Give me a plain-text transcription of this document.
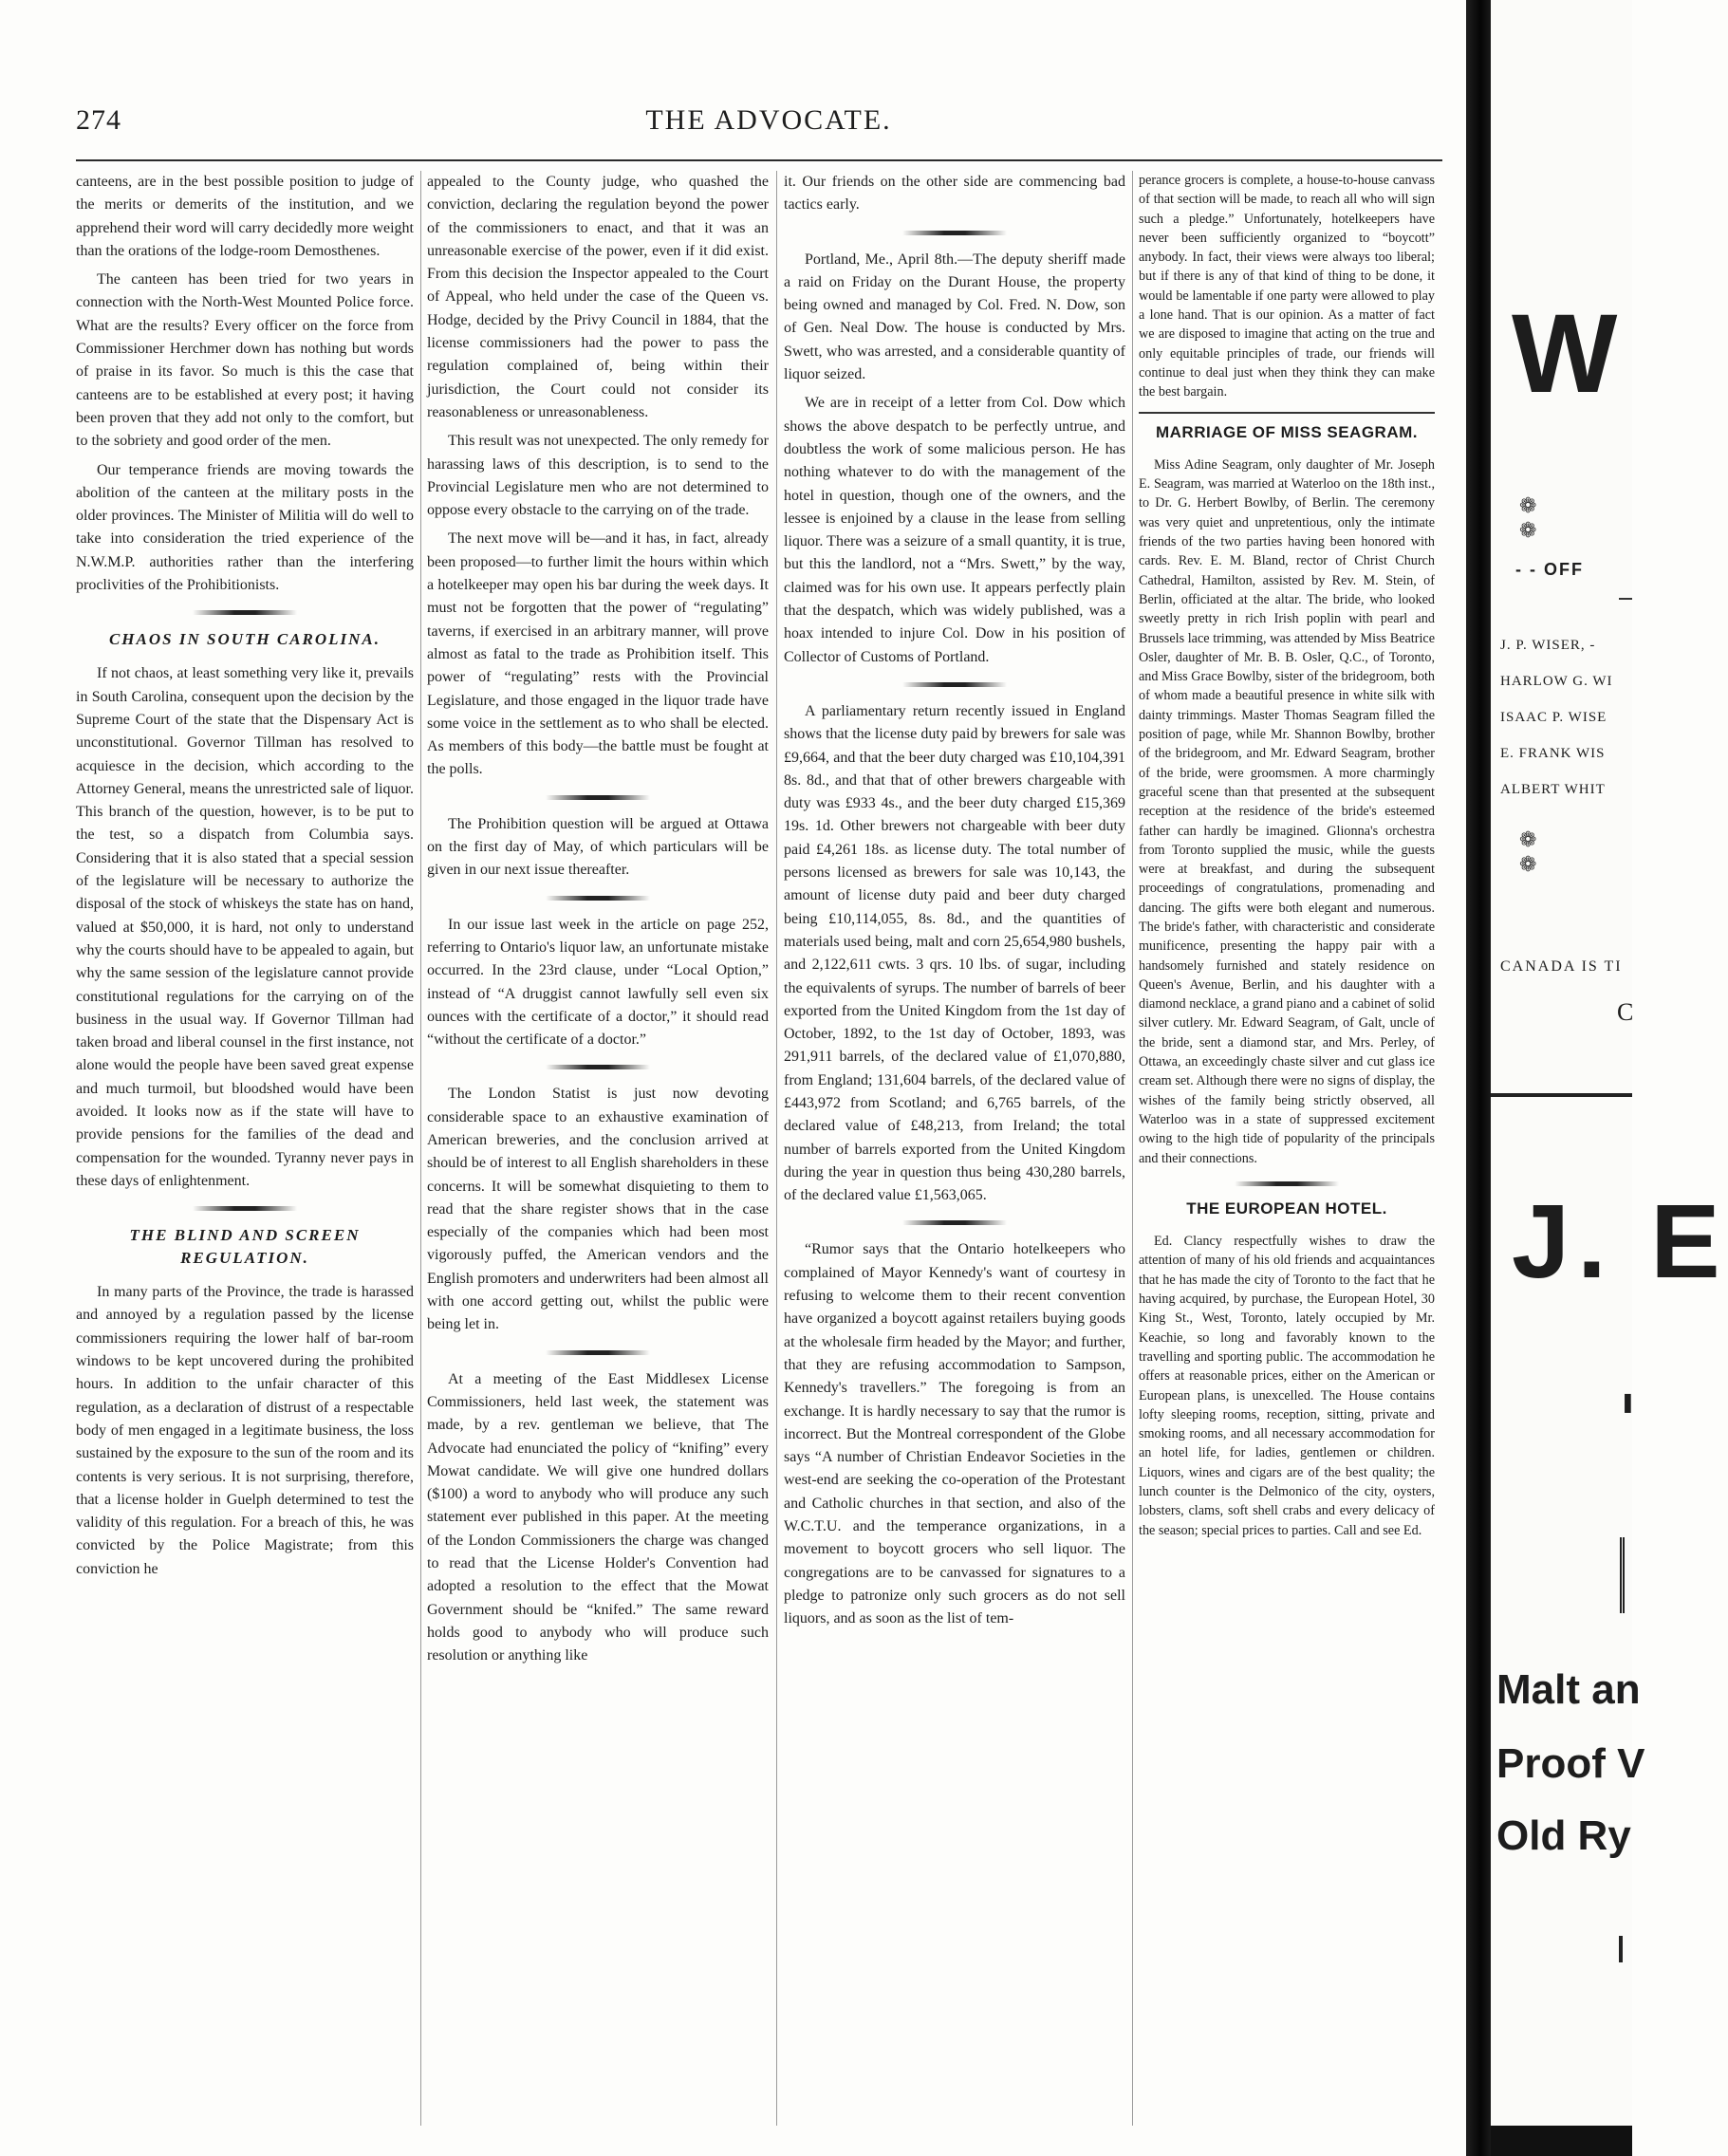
274	THE ADVOCATE.

canteens, are in the best possible position to judge of the merits or demerits of the institution, and we apprehend their word will carry decidedly more weight than the orations of the lodge-room Demosthenes.

The canteen has been tried for two years in connection with the North-West Mounted Police force. What are the results? Every officer on the force from Commissioner Herchmer down has nothing but words of praise in its favor. So much is this the case that canteens are to be established at every post; it having been proven that they add not only to the comfort, but to the sobriety and good order of the men.

Our temperance friends are moving towards the abolition of the canteen at the military posts in the older provinces. The Minister of Militia will do well to take into consideration the tried experience of the N.W.M.P. authorities rather than the interfering proclivities of the Prohibitionists.

CHAOS IN SOUTH CAROLINA.

If not chaos, at least something very like it, prevails in South Carolina, consequent upon the decision by the Supreme Court of the state that the Dispensary Act is unconstitutional. Governor Tillman has resolved to acquiesce in the decision, which according to the Attorney General, means the unrestricted sale of liquor. This branch of the question, however, is to be put to the test, so a dispatch from Columbia says. Considering that it is also stated that a special session of the legislature will be necessary to authorize the disposal of the stock of whiskeys the state has on hand, valued at $50,000, it is hard, not only to understand why the courts should have to be appealed to again, but why the same session of the legislature cannot provide constitutional regulations for the carrying on of the business in the usual way. If Governor Tillman had taken broad and liberal counsel in the first instance, not alone would the people have been saved great expense and much turmoil, but bloodshed would have been avoided. It looks now as if the state will have to provide pensions for the families of the dead and compensation for the wounded. Tyranny never pays in these days of enlightenment.

THE BLIND AND SCREEN REGULATION.

In many parts of the Province, the trade is harassed and annoyed by a regulation passed by the license commissioners requiring the lower half of bar-room windows to be kept uncovered during the prohibited hours. In addition to the unfair character of this regulation, as a declaration of distrust of a respectable body of men engaged in a legitimate business, the loss sustained by the exposure to the sun of the room and its contents is very serious. It is not surprising, therefore, that a license holder in Guelph determined to test the validity of this regulation. For a breach of this, he was convicted by the Police Magistrate; from this conviction he

appealed to the County judge, who quashed the conviction, declaring the regulation beyond the power of the commissioners to enact, and that it was an unreasonable exercise of the power, even if it did exist. From this decision the Inspector appealed to the Court of Appeal, who held under the case of the Queen vs. Hodge, decided by the Privy Council in 1884, that the license commissioners had the power to pass the regulation complained of, being within their jurisdiction, the Court could not consider its reasonableness or unreasonableness.

This result was not unexpected. The only remedy for harassing laws of this description, is to send to the Provincial Legislature men who are not determined to oppose every obstacle to the carrying on of the trade.

The next move will be—and it has, in fact, already been proposed—to further limit the hours within which a hotelkeeper may open his bar during the week days. It must not be forgotten that the power of “regulating” taverns, if exercised in an arbitrary manner, will prove almost as fatal to the trade as Prohibition itself. This power of “regulating” rests with the Provincial Legislature, and those engaged in the liquor trade have some voice in the settlement as to who shall be elected. As members of this body—the battle must be fought at the polls.

The Prohibition question will be argued at Ottawa on the first day of May, of which particulars will be given in our next issue thereafter.

In our issue last week in the article on page 252, referring to Ontario's liquor law, an unfortunate mistake occurred. In the 23rd clause, under “Local Option,” instead of “A druggist cannot lawfully sell even six ounces with the certificate of a doctor,” it should read “without the certificate of a doctor.”

The London Statist is just now devoting considerable space to an exhaustive examination of American breweries, and the conclusion arrived at should be of interest to all English shareholders in these concerns. It will be somewhat disquieting to them to read that the share register shows that in the case especially of the companies which had been most vigorously puffed, the American vendors and the English promoters and underwriters had been almost all with one accord getting out, whilst the public were being let in.

At a meeting of the East Middlesex License Commissioners, held last week, the statement was made, by a rev. gentleman we believe, that The Advocate had enunciated the policy of “knifing” every Mowat candidate. We will give one hundred dollars ($100) a word to anybody who will produce any such statement ever published in this paper. At the meeting of the London Commissioners the charge was changed to read that the License Holder's Convention had adopted a resolution to the effect that the Mowat Government should be “knifed.” The same reward holds good to anybody who will produce such resolution or anything like

it. Our friends on the other side are commencing bad tactics early.

Portland, Me., April 8th.—The deputy sheriff made a raid on Friday on the Durant House, the property being owned and managed by Col. Fred. N. Dow, son of Gen. Neal Dow. The house is conducted by Mrs. Swett, who was arrested, and a considerable quantity of liquor seized.

We are in receipt of a letter from Col. Dow which shows the above despatch to be perfectly untrue, and doubtless the work of some malicious person. He has nothing whatever to do with the management of the hotel in question, though one of the owners, and the lessee is enjoined by a clause in the lease from selling liquor. There was a seizure of a small quantity, it is true, but this the landlord, not a “Mrs. Swett,” by the way, claimed was for his own use. It appears perfectly plain that the despatch, which was widely published, was a hoax intended to injure Col. Dow in his position of Collector of Customs of Portland.

A parliamentary return recently issued in England shows that the license duty paid by brewers for sale was £9,664, and that the beer duty charged was £10,104,391 8s. 8d., and that that of other brewers chargeable with duty was £933 4s., and the beer duty charged £15,369 19s. 1d. Other brewers not chargeable with beer duty paid £4,261 18s. as license duty. The total number of persons licensed as brewers for sale was 10,143, the amount of license duty paid and beer duty charged being £10,114,055, 8s. 8d., and the quantities of materials used being, malt and corn 25,654,980 bushels, and 2,122,611 cwts. 3 qrs. 10 lbs. of sugar, including the equivalents of syrups. The number of barrels of beer exported from the United Kingdom from the 1st day of October, 1892, to the 1st day of October, 1893, was 291,911 barrels, of the declared value of £1,070,880, from England; 131,604 barrels, of the declared value of £443,972 from Scotland; and 6,765 barrels, of the declared value of £48,213, from Ireland; the total number of barrels exported from the United Kingdom during the year in question thus being 430,280 barrels, of the declared value £1,563,065.

“Rumor says that the Ontario hotelkeepers who complained of Mayor Kennedy's want of courtesy in refusing to welcome them to their recent convention have organized a boycott against retailers buying goods at the wholesale firm headed by the Mayor; and further, that they are refusing accommodation to Sampson, Kennedy's travellers.” The foregoing is from an exchange. It is hardly necessary to say that the rumor is incorrect. But the Montreal correspondent of the Globe says “A number of Christian Endeavor Societies in the west-end are seeking the co-operation of the Protestant and Catholic churches in that section, and also of the W.C.T.U. and the temperance organizations, in a movement to boycott grocers who sell liquor. The congregations are to be canvassed for signatures to a pledge to patronize only such grocers as do not sell liquors, and as soon as the list of tem-

perance grocers is complete, a house-to-house canvass of that section will be made, to reach all who will sign such a pledge.” Unfortunately, hotelkeepers have never been sufficiently organized to “boycott” anybody. In fact, their views were always too liberal; but if there is any of that kind of thing to be done, it would be lamentable if one party were allowed to play a lone hand. That is our opinion. As a matter of fact we are disposed to imagine that acting on the true and only equitable principles of trade, our friends will continue to deal just when they think they can make the best bargain.

MARRIAGE OF MISS SEAGRAM.

Miss Adine Seagram, only daughter of Mr. Joseph E. Seagram, was married at Waterloo on the 18th inst., to Dr. G. Herbert Bowlby, of Berlin. The ceremony was very quiet and unpretentious, only the intimate friends of the two parties having been honored with cards. Rev. E. M. Bland, rector of Christ Church Cathedral, Hamilton, assisted by Rev. M. Stein, of Berlin, officiated at the altar. The bride, who looked sweetly pretty in rich Irish poplin with pearl and Brussels lace trimming, was attended by Miss Beatrice Osler, daughter of Mr. B. B. Osler, Q.C., of Toronto, and Miss Grace Bowlby, sister of the bridegroom, both of whom made a beautiful presence in white silk with dainty trimmings. Master Thomas Seagram filled the position of page, while Mr. Shannon Bowlby, brother of the bridegroom, and Mr. Edward Seagram, brother of the bride, were groomsmen. A more charmingly graceful scene than that presented at the subsequent reception at the residence of the bride's esteemed father can hardly be imagined. Glionna's orchestra from Toronto supplied the music, while the guests were at breakfast, and during the subsequent proceedings of congratulations, promenading and dancing. The gifts were both elegant and numerous. The bride's father, with characteristic and considerate munificence, presenting the happy pair with a handsomely furnished and stately residence on Queen's Avenue, Berlin, and his daughter with a diamond necklace, a grand piano and a cabinet of solid silver cutlery. Mr. Edward Seagram, of Galt, uncle of the bride, sent a diamond star, and Mrs. Perley, of Ottawa, an exceedingly chaste silver and cut glass ice cream set. Although there were no signs of display, the wishes of the family being strictly observed, all Waterloo was in a state of suppressed excitement owing to the high tide of popularity of the principals and their connections.

THE EUROPEAN HOTEL.

Ed. Clancy respectfully wishes to draw the attention of many of his old friends and acquaintances that he has made the city of Toronto to the fact that he having acquired, by purchase, the European Hotel, 30 King St., West, Toronto, lately occupied by Mr. Keachie, so long and favorably known to the travelling and sporting public. The accommodation he offers at reasonable prices, either on the American or European plans, is unexcelled. The House contains lofty sleeping rooms, reception, sitting, private and smoking rooms, and all necessary accommodation for an hotel life, for ladies, gentlemen or children. Liquors, wines and cigars are of the best quality; the lunch counter is the Delmonico of the city, oysters, lobsters, clams, soft shell crabs and every delicacy of the season; special prices to parties. Call and see Ed.

W
❁ ❁
- - OFF
J. P. WISER, -
HARLOW G. WI
ISAAC P. WISE
E. FRANK WIS
ALBERT WHIT
❁ ❁
CANADA IS TI
C
J. E
❚
Malt an
Proof V
Old Ry
